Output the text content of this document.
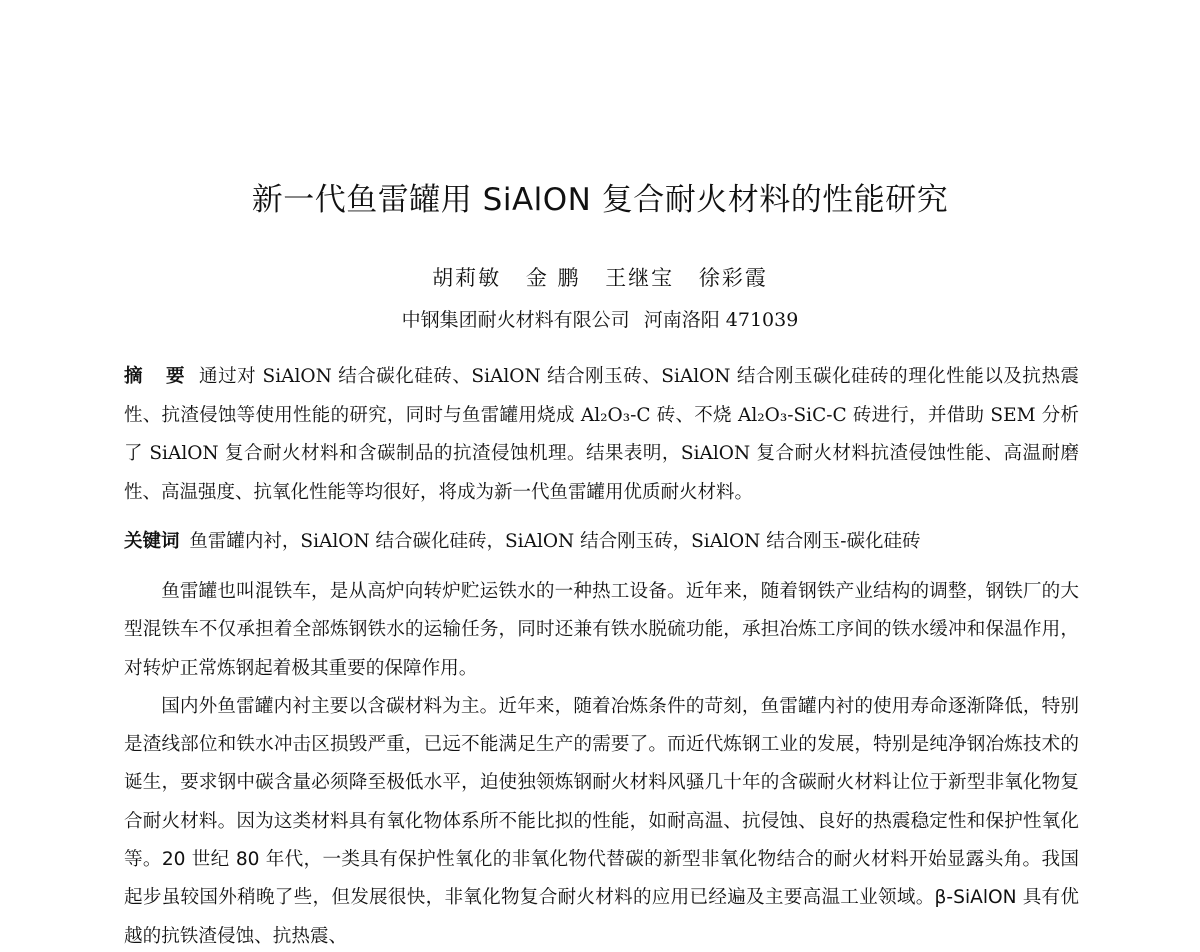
新一代鱼雷罐用 SiAlON 复合耐火材料的性能研究
胡莉敏 金 鹏 王继宝 徐彩霞
中钢集团耐火材料有限公司 河南洛阳 471039
摘 要 通过对 SiAlON 结合碳化硅砖、SiAlON 结合刚玉砖、SiAlON 结合刚玉碳化硅砖的理化性能以及抗热震性、抗渣侵蚀等使用性能的研究，同时与鱼雷罐用烧成 Al₂O₃-C 砖、不烧 Al₂O₃-SiC-C 砖进行，并借助 SEM 分析了 SiAlON 复合耐火材料和含碳制品的抗渣侵蚀机理。结果表明，SiAlON 复合耐火材料抗渣侵蚀性能、高温耐磨性、高温强度、抗氧化性能等均很好，将成为新一代鱼雷罐用优质耐火材料。
关键词 鱼雷罐内衬，SiAlON 结合碳化硅砖，SiAlON 结合刚玉砖，SiAlON 结合刚玉-碳化硅砖

鱼雷罐也叫混铁车，是从高炉向转炉贮运铁水的一种热工设备。近年来，随着钢铁产业结构的调整，钢铁厂的大型混铁车不仅承担着全部炼钢铁水的运输任务，同时还兼有铁水脱硫功能，承担冶炼工序间的铁水缓冲和保温作用，对转炉正常炼钢起着极其重要的保障作用。

国内外鱼雷罐内衬主要以含碳材料为主。近年来，随着冶炼条件的苛刻，鱼雷罐内衬的使用寿命逐渐降低，特别是渣线部位和铁水冲击区损毁严重，已远不能满足生产的需要了。而近代炼钢工业的发展，特别是纯净钢冶炼技术的诞生，要求钢中碳含量必须降至极低水平，迫使独领炼钢耐火材料风骚几十年的含碳耐火材料让位于新型非氧化物复合耐火材料。因为这类材料具有氧化物体系所不能比拟的性能，如耐高温、抗侵蚀、良好的热震稳定性和保护性氧化等。20 世纪 80 年代，一类具有保护性氧化的非氧化物代替碳的新型非氧化物结合的耐火材料开始显露头角。我国起步虽较国外稍晚了些，但发展很快，非氧化物复合耐火材料的应用已经遍及主要高温工业领域。β-SiAlON 具有优越的抗铁渣侵蚀、抗热震、
